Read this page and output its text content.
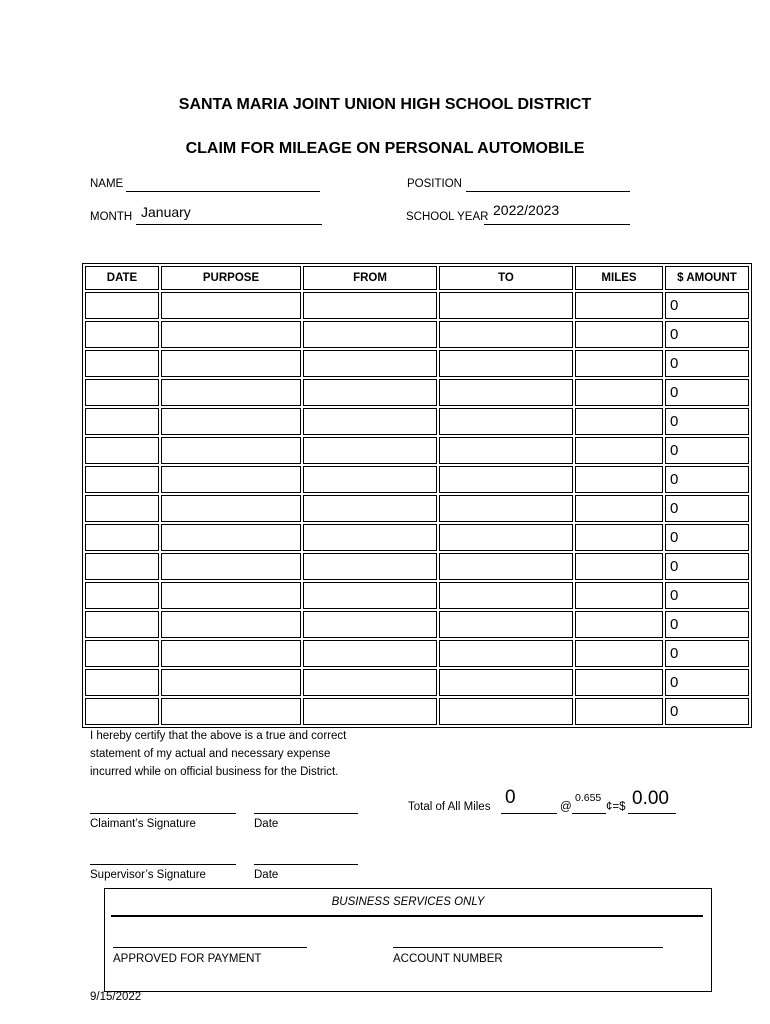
SANTA MARIA JOINT UNION HIGH SCHOOL DISTRICT
CLAIM FOR MILEAGE ON PERSONAL AUTOMOBILE
NAME	POSITION
MONTH January	SCHOOL YEAR 2022/2023
DATE	PURPOSE	FROM	TO	MILES	$ AMOUNT
					0
					0
					0
					0
					0
					0
					0
					0
					0
					0
					0
					0
					0
					0
					0
I hereby certify that the above is a true and correct
statement of my actual and necessary expense
incurred while on official business for the District.
Claimant’s Signature	Date
Total of All Miles 0	@
0.655
¢=$ 0.00
Supervisor’s Signature	Date
BUSINESS SERVICES ONLY
APPROVED FOR PAYMENT	ACCOUNT NUMBER
9/15/2022
